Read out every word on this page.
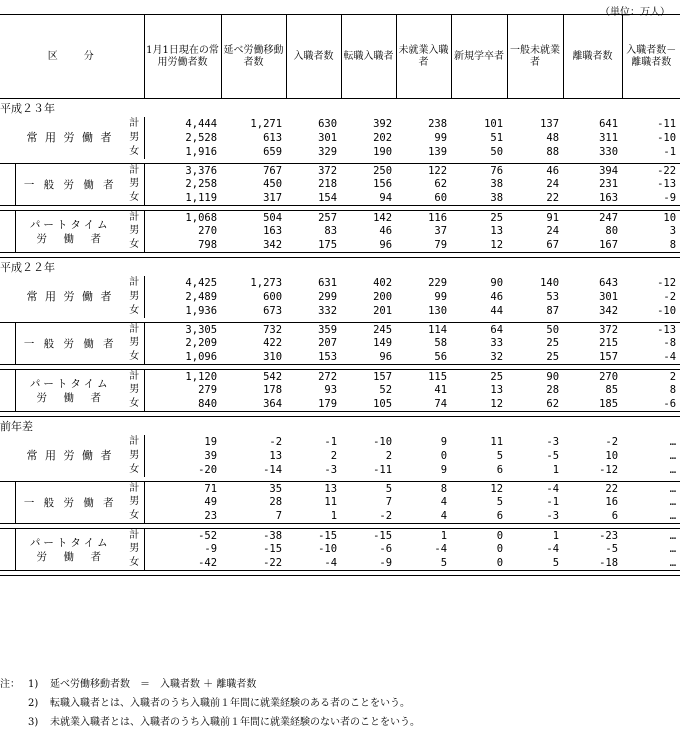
（単位：万人）
区　　分			1月1日現在の常用労働者数	延べ労働移動者数	入職者数	転職入職者	未就業入職者	新規学卒者	一般未就業者	離職者数	入職者数－離職者数
平成２３年											
	常 用 労 働 者	計	4,444	1,271	630	392	238	101	137	641	-11
		男	2,528	613	301	202	99	51	48	311	-10
		女	1,916	659	329	190	139	50	88	330	-1

	一 般 労 働 者	計	3,376	767	372	250	122	76	46	394	-22
		男	2,258	450	218	156	62	38	24	231	-13
		女	1,119	317	154	94	60	38	22	163	-9

	パートタイム
労　働　者	計	1,068	504	257	142	116	25	91	247	10
		男	270	163	83	46	37	13	24	80	3
		女	798	342	175	96	79	12	67	167	8

平成２２年											
	常 用 労 働 者	計	4,425	1,273	631	402	229	90	140	643	-12
		男	2,489	600	299	200	99	46	53	301	-2
		女	1,936	673	332	201	130	44	87	342	-10

	一 般 労 働 者	計	3,305	732	359	245	114	64	50	372	-13
		男	2,209	422	207	149	58	33	25	215	-8
		女	1,096	310	153	96	56	32	25	157	-4

	パートタイム
労　働　者	計	1,120	542	272	157	115	25	90	270	2
		男	279	178	93	52	41	13	28	85	8
		女	840	364	179	105	74	12	62	185	-6

前年差											
	常 用 労 働 者	計	19	-2	-1	-10	9	11	-3	-2	…
		男	39	13	2	2	0	5	-5	10	…
		女	-20	-14	-3	-11	9	6	1	-12	…

	一 般 労 働 者	計	71	35	13	5	8	12	-4	22	…
		男	49	28	11	7	4	5	-1	16	…
		女	23	7	1	-2	4	6	-3	6	…

	パートタイム
労　働　者	計	-52	-38	-15	-15	1	0	1	-23	…
		男	-9	-15	-10	-6	-4	0	-4	-5	…
		女	-42	-22	-4	-9	5	0	5	-18	…

注： 1) 延べ労働移動者数　＝　入職者数 ＋ 離職者数
2) 転職入職者とは、入職者のうち入職前１年間に就業経験のある者のことをいう。
3) 未就業入職者とは、入職者のうち入職前１年間に就業経験のない者のことをいう。
